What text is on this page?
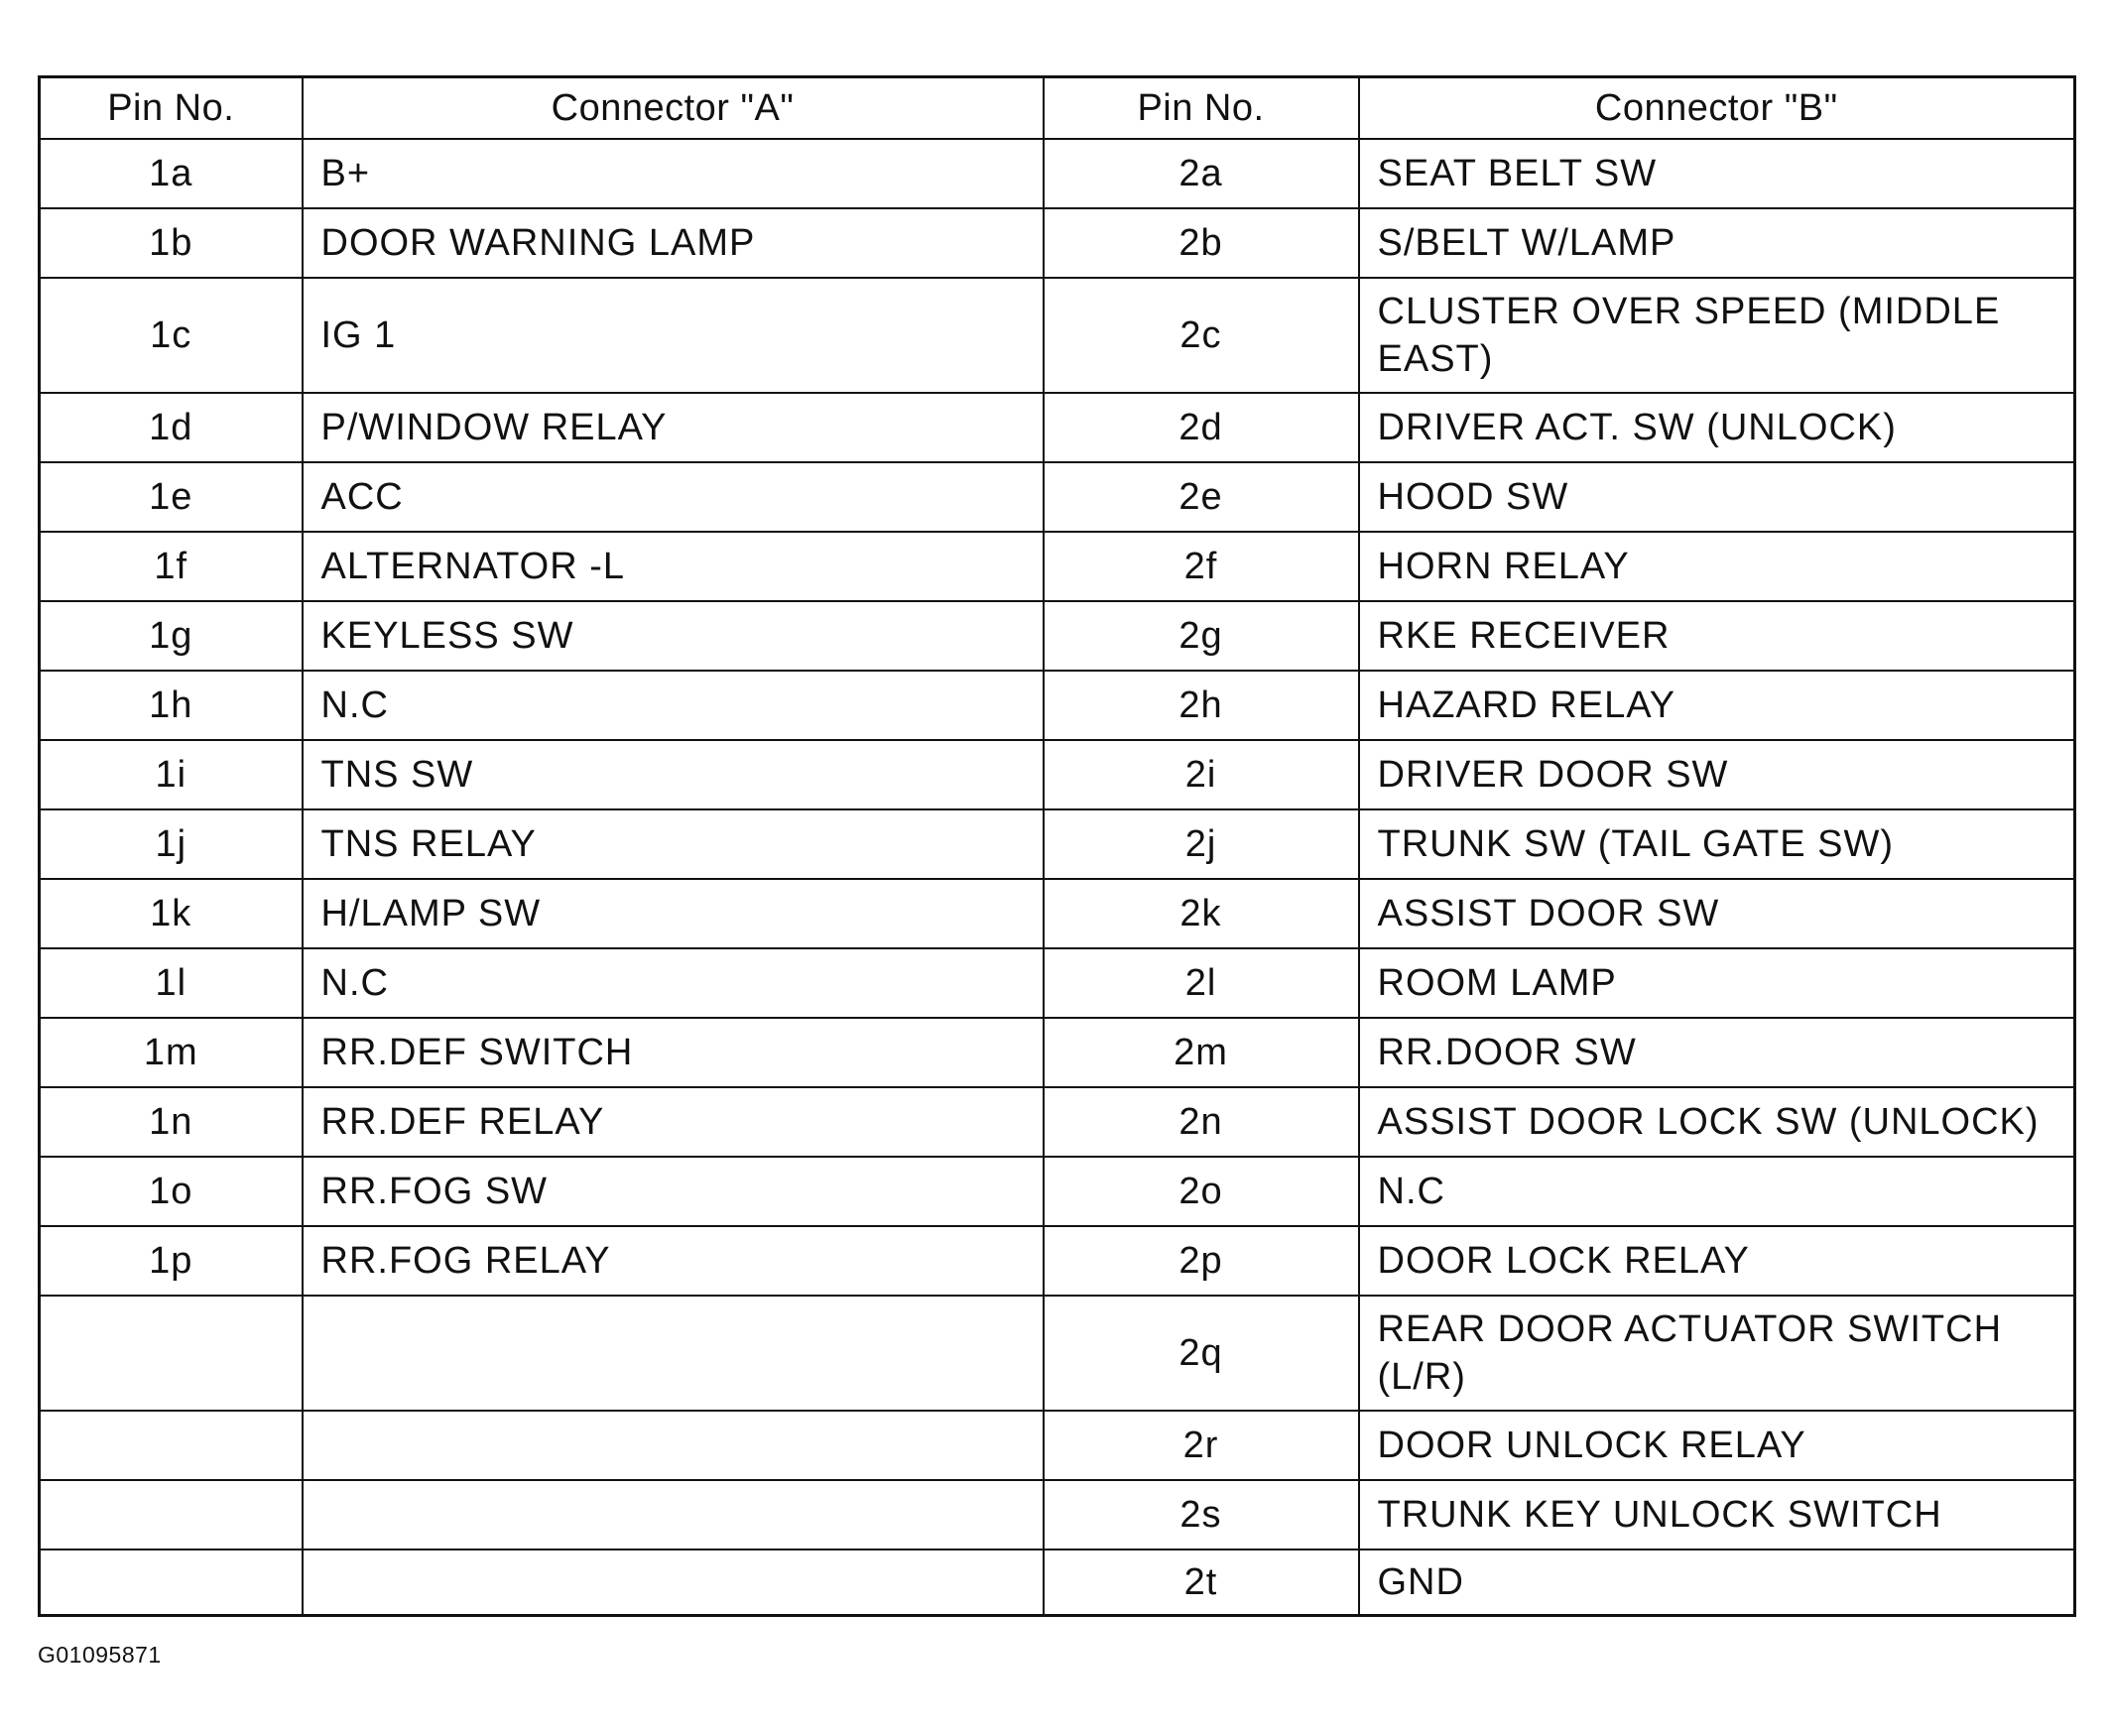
Pin No.	Connector "A"	Pin No.	Connector "B"
1a	B+	2a	SEAT BELT SW
1b	DOOR WARNING LAMP	2b	S/BELT W/LAMP
1c	IG 1	2c	CLUSTER OVER SPEED (MIDDLE EAST)
1d	P/WINDOW RELAY	2d	DRIVER ACT. SW (UNLOCK)
1e	ACC	2e	HOOD SW
1f	ALTERNATOR -L	2f	HORN RELAY
1g	KEYLESS SW	2g	RKE RECEIVER
1h	N.C	2h	HAZARD RELAY
1i	TNS SW	2i	DRIVER DOOR SW
1j	TNS RELAY	2j	TRUNK SW (TAIL GATE SW)
1k	H/LAMP SW	2k	ASSIST DOOR SW
1l	N.C	2l	ROOM LAMP
1m	RR.DEF SWITCH	2m	RR.DOOR SW
1n	RR.DEF RELAY	2n	ASSIST DOOR LOCK SW (UNLOCK)
1o	RR.FOG SW	2o	N.C
1p	RR.FOG RELAY	2p	DOOR LOCK RELAY
		2q	REAR DOOR ACTUATOR SWITCH (L/R)
		2r	DOOR UNLOCK RELAY
		2s	TRUNK KEY UNLOCK SWITCH
		2t	GND
G01095871
